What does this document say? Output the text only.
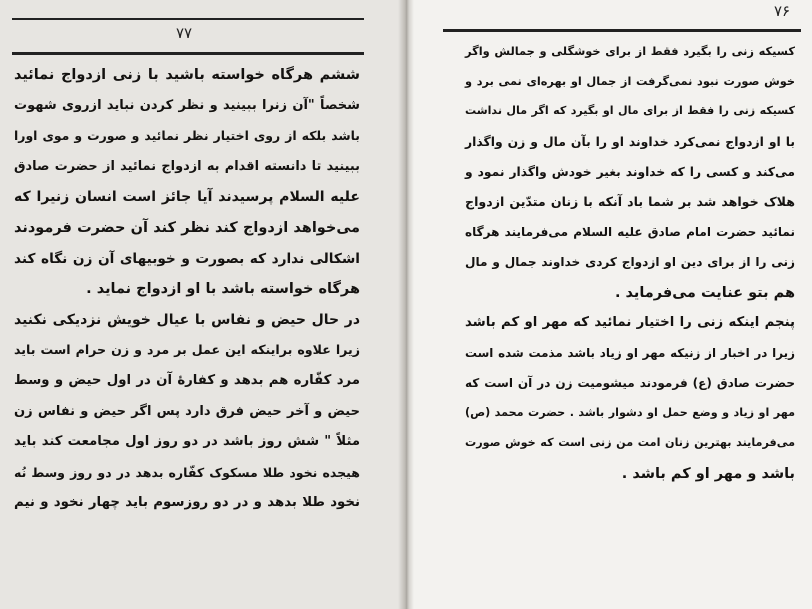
۷۷
ششم هرگاه خواسته باشید با زنی ازدواج نمائید
شخصاً "آن زنرا ببینید و نظر کردن نباید ازروی شهوت
باشد بلکه از روی اختیار نظر نمائید و صورت و موی اورا
ببینید تا دانسته اقدام به ازدواج نمائید از حضرت صادق
علیه السلام پرسیدند آیا جائز است انسان زنیرا که
می‌خواهد ازدواج کند نظر کند آن حضرت فرمودند
اشکالی ندارد که بصورت و خوبیهای آن زن نگاه کند
هرگاه خواسته باشد با او ازدواج نماید .
در حال حیض و نفاس با عیال خویش نزدیکی نکنید
زیرا علاوه براینکه این عمل بر مرد و زن حرام است باید
مرد کفّاره هم بدهد و کفارهٔ آن در اول حیض و وسط
حیض و آخر حیض فرق دارد پس اگر حیض و نفاس زن
مثلاً " شش روز باشد در دو روز اول مجامعت کند باید
هیجده نخود طلا مسکوک کفّاره بدهد در دو روز وسط نُه
نخود طلا بدهد و در دو روزسوم باید چهار نخود و نیم
۷۶
کسیکه زنی را بگیرد فقط از برای خوشگلی و جمالش واگر
خوش صورت نبود نمی‌گرفت از جمال او بهره‌ای نمی برد و
کسیکه زنی را فقط از برای مال او بگیرد که اگر مال نداشت
با او ازدواج نمی‌کرد خداوند او را بآن مال و زن واگذار
می‌کند و کسی را که خداوند بغیر خودش واگذار نمود و
هلاک خواهد شد بر شما باد آنکه با زنان متدّین ازدواج
نمائید حضرت امام صادق علیه السلام می‌فرمایند هرگاه
زنی را از برای دین او ازدواج کردی خداوند جمال و مال
هم بتو عنایت می‌فرماید .
پنجم اینکه زنی را اختیار نمائید که مهر او کم باشد
زیرا در اخبار از زنیکه مهر او زیاد باشد مذمت شده است
حضرت صادق (ع) فرمودند میشومیت زن در آن است که
مهر او زیاد و وضع حمل او دشوار باشد . حضرت محمد (ص)
می‌فرمایند بهترین زنان امت من زنی است که خوش صورت
باشد و مهر او کم باشد .
